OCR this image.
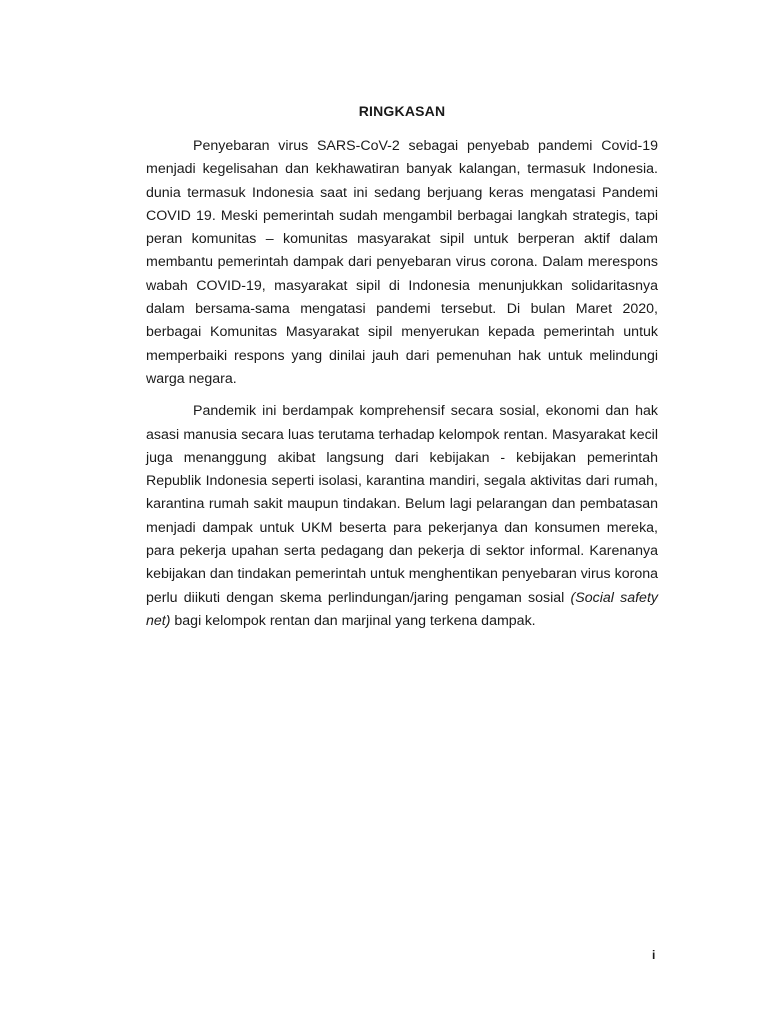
RINGKASAN

Penyebaran virus SARS-CoV-2 sebagai penyebab pandemi Covid-19 menjadi kegelisahan dan kekhawatiran banyak kalangan, termasuk Indonesia. dunia termasuk Indonesia saat ini sedang berjuang keras mengatasi Pandemi COVID 19. Meski pemerintah sudah mengambil berbagai langkah strategis, tapi peran komunitas – komunitas masyarakat sipil untuk berperan aktif dalam membantu pemerintah dampak dari penyebaran virus corona. Dalam merespons wabah COVID-19, masyarakat sipil di Indonesia menunjukkan solidaritasnya dalam bersama-sama mengatasi pandemi tersebut. Di bulan Maret 2020, berbagai Komunitas Masyarakat sipil menyerukan kepada pemerintah untuk memperbaiki respons yang dinilai jauh dari pemenuhan hak untuk melindungi warga negara.

Pandemik ini berdampak komprehensif secara sosial, ekonomi dan hak asasi manusia secara luas terutama terhadap kelompok rentan. Masyarakat kecil juga menanggung akibat langsung dari kebijakan - kebijakan pemerintah Republik Indonesia seperti isolasi, karantina mandiri, segala aktivitas dari rumah, karantina rumah sakit maupun tindakan. Belum lagi pelarangan dan pembatasan menjadi dampak untuk UKM beserta para pekerjanya dan konsumen mereka, para pekerja upahan serta pedagang dan pekerja di sektor informal. Karenanya kebijakan dan tindakan pemerintah untuk menghentikan penyebaran virus korona perlu diikuti dengan skema perlindungan/jaring pengaman sosial (Social safety net) bagi kelompok rentan dan marjinal yang terkena dampak.

i
